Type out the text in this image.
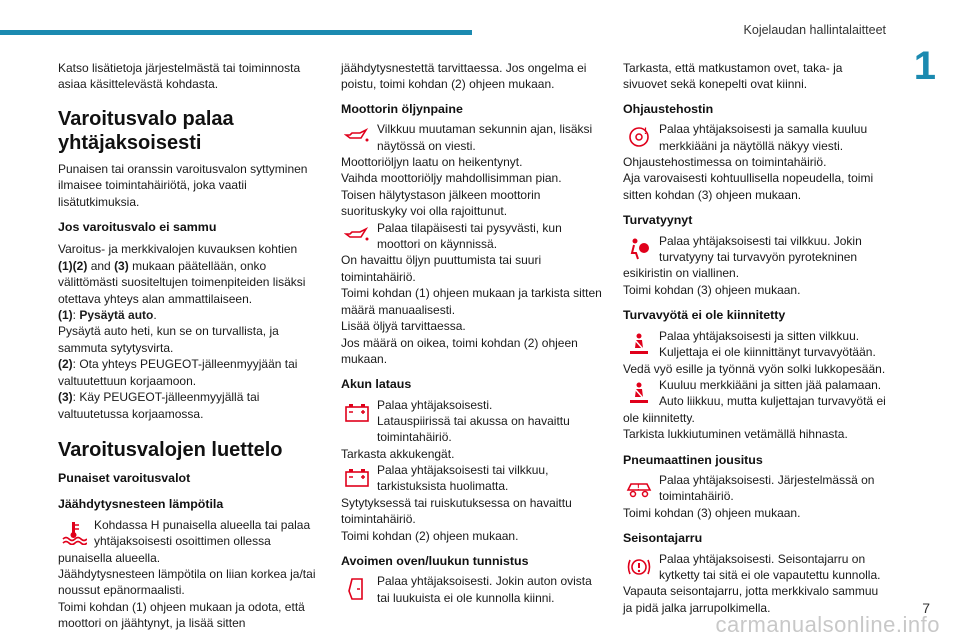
Kojelaudan hallintalaitteet
1

Katso lisätietoja järjestelmästä tai toiminnosta asiaa käsittelevästä kohdasta.

Varoitusvalo palaa yhtäjaksoisesti

Punaisen tai oranssin varoitusvalon syttyminen ilmaisee toimintahäiriötä, joka vaatii lisätutkimuksia.

Jos varoitusvalo ei sammu

Varoitus- ja merkkivalojen kuvauksen kohtien
(1)(2) and (3) mukaan päätellään, onko välittömästi suositeltujen toimenpiteiden lisäksi otettava yhteys alan ammattilaiseen.

(1): Pysäytä auto.

Pysäytä auto heti, kun se on turvallista, ja sammuta sytytysvirta.

(2): Ota yhteys PEUGEOT-jälleenmyyjään tai valtuutettuun korjaamoon.

(3): Käy PEUGEOT-jälleenmyyjällä tai valtuutetussa korjaamossa.

Varoitusvalojen luettelo
Punaiset varoitusvalot
Jäähdytysnesteen lämpötila
Kohdassa H punaisella alueella tai palaa yhtäjaksoisesti osoittimen ollessa punaisella alueella.

Jäähdytysnesteen lämpötila on liian korkea ja/tai noussut epänormaalisti.

Toimi kohdan (1) ohjeen mukaan ja odota, että moottori on jäähtynyt, ja lisää sitten

jäähdytysnestettä tarvittaessa. Jos ongelma ei poistu, toimi kohdan (2) ohjeen mukaan.

Moottorin öljynpaine
Vilkkuu muutaman sekunnin ajan, lisäksi näytössä on viesti.

Moottoriöljyn laatu on heikentynyt.

Vaihda moottoriöljy mahdollisimman pian.

Toisen hälytystason jälkeen moottorin suorituskyky voi olla rajoittunut.

Palaa tilapäisesti tai pysyvästi, kun moottori on käynnissä.

On havaittu öljyn puuttumista tai suuri toimintahäiriö.

Toimi kohdan (1) ohjeen mukaan ja tarkista sitten määrä manuaalisesti.

Lisää öljyä tarvittaessa.

Jos määrä on oikea, toimi kohdan (2) ohjeen mukaan.

Akun lataus
Palaa yhtäjaksoisesti.

Latauspiirissä tai akussa on havaittu toimintahäiriö.

Tarkasta akkukengät.

Palaa yhtäjaksoisesti tai vilkkuu, tarkistuksista huolimatta.

Sytytyksessä tai ruiskutuksessa on havaittu toimintahäiriö.

Toimi kohdan (2) ohjeen mukaan.

Avoimen oven/luukun tunnistus
Palaa yhtäjaksoisesti. Jokin auton ovista tai luukuista ei ole kunnolla kiinni.

Tarkasta, että matkustamon ovet, taka- ja sivuovet sekä konepelti ovat kiinni.

Ohjaustehostin
! Palaa yhtäjaksoisesti ja samalla kuuluu merkkiääni ja näytöllä näkyy viesti.

Ohjaustehostimessa on toimintahäiriö.

Aja varovaisesti kohtuullisella nopeudella, toimi sitten kohdan (3) ohjeen mukaan.

Turvatyynyt
Palaa yhtäjaksoisesti tai vilkkuu. Jokin turvatyyny tai turvavyön pyrotekninen esikiristin on viallinen.

Toimi kohdan (3) ohjeen mukaan.

Turvavyötä ei ole kiinnitetty
Palaa yhtäjaksoisesti ja sitten vilkkuu. Kuljettaja ei ole kiinnittänyt turvavyötään.

Vedä vyö esille ja työnnä vyön solki lukkopesään.

Kuuluu merkkiääni ja sitten jää palamaan. Auto liikkuu, mutta kuljettajan turvavyötä ei ole kiinnitetty.

Tarkista lukkiutuminen vetämällä hihnasta.

Pneumaattinen jousitus
!
Palaa yhtäjaksoisesti. Järjestelmässä on toimintahäiriö.

Toimi kohdan (3) ohjeen mukaan.

Seisontajarru
Palaa yhtäjaksoisesti. Seisontajarru on kytketty tai sitä ei ole vapautettu kunnolla.

Vapauta seisontajarru, jotta merkkivalo sammuu ja pidä jalka jarrupolkimella.	7
carmanualsonline.info
